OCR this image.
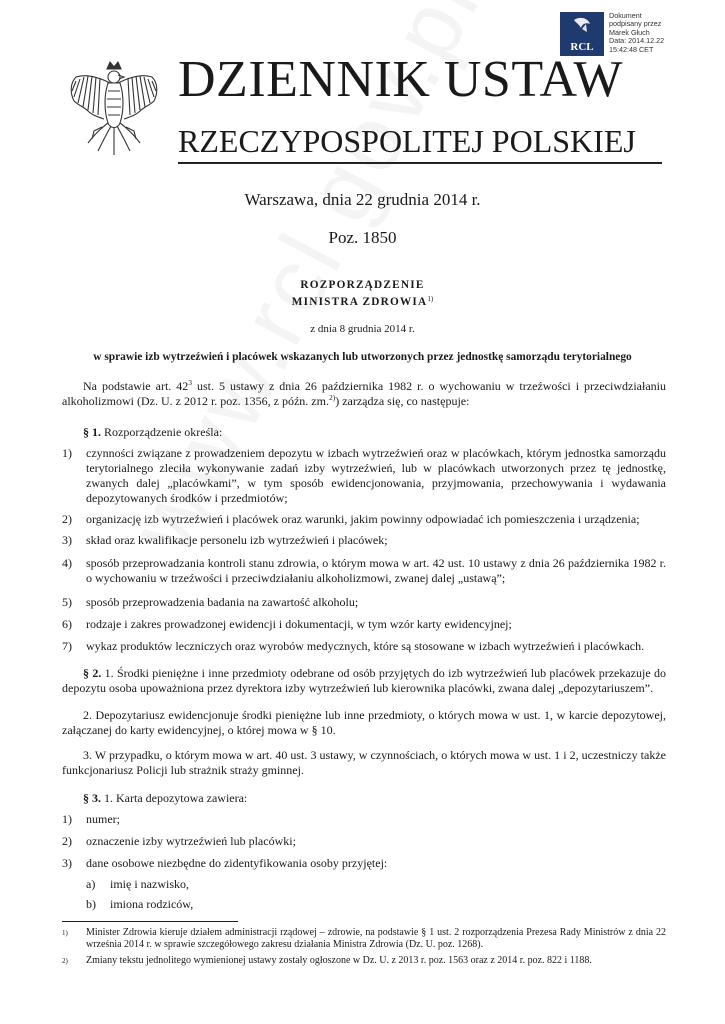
RCL
Dokument
podpisany przez
Marek Głuch
Data: 2014.12.22
15:42:48 CET
DZIENNIK USTAW
RZECZYPOSPOLITEJ POLSKIEJ
Warszawa, dnia 22 grudnia 2014 r.
Poz. 1850
ROZPORZĄDZENIE
MINISTRA ZDROWIA$^{1)}$
z dnia 8 grudnia 2014 r.
w sprawie izb wytrzeźwień i placówek wskazanych lub utworzonych przez jednostkę samorządu terytorialnego
Na podstawie art. $42^3$ ust. 5 ustawy z dnia 26 października 1982 r. o wychowaniu w trzeźwości i przeciwdziałaniu alkoholizmowi (Dz. U. z 2012 r. poz. 1356, z późn. zm.$^{2)}$) zarządza się, co następuje:
§ 1. Rozporządzenie określa:
1) czynności związane z prowadzeniem depozytu w izbach wytrzeźwień oraz w placówkach, którym jednostka samorządu terytorialnego zleciła wykonywanie zadań izby wytrzeźwień, lub w placówkach utworzonych przez tę jednostkę, zwanych dalej „placówkami”, w tym sposób ewidencjonowania, przyjmowania, przechowywania i wydawania depozytowanych środków i przedmiotów;
2) organizację izb wytrzeźwień i placówek oraz warunki, jakim powinny odpowiadać ich pomieszczenia i urządzenia;
3) skład oraz kwalifikacje personelu izb wytrzeźwień i placówek;
4) sposób przeprowadzania kontroli stanu zdrowia, o którym mowa w art. 42 ust. 10 ustawy z dnia 26 października 1982 r. o wychowaniu w trzeźwości i przeciwdziałaniu alkoholizmowi, zwanej dalej „ustawą”;
5) sposób przeprowadzenia badania na zawartość alkoholu;
6) rodzaje i zakres prowadzonej ewidencji i dokumentacji, w tym wzór karty ewidencyjnej;
7) wykaz produktów leczniczych oraz wyrobów medycznych, które są stosowane w izbach wytrzeźwień i placówkach.
§ 2. 1. Środki pieniężne i inne przedmioty odebrane od osób przyjętych do izb wytrzeźwień lub placówek przekazuje do depozytu osoba upoważniona przez dyrektora izby wytrzeźwień lub kierownika placówki, zwana dalej „depozytariuszem”.
2. Depozytariusz ewidencjonuje środki pieniężne lub inne przedmioty, o których mowa w ust. 1, w karcie depozytowej, załączanej do karty ewidencyjnej, o której mowa w § 10.
3. W przypadku, o którym mowa w art. 40 ust. 3 ustawy, w czynnościach, o których mowa w ust. 1 i 2, uczestniczy także funkcjonariusz Policji lub strażnik straży gminnej.
§ 3. 1. Karta depozytowa zawiera:
1) numer;
2) oznaczenie izby wytrzeźwień lub placówki;
3) dane osobowe niezbędne do zidentyfikowania osoby przyjętej:
a) imię i nazwisko,
b) imiona rodziców,
1) Minister Zdrowia kieruje działem administracji rządowej – zdrowie, na podstawie § 1 ust. 2 rozporządzenia Prezesa Rady Ministrów z dnia 22 września 2014 r. w sprawie szczegółowego zakresu działania Ministra Zdrowia (Dz. U. poz. 1268).
2) Zmiany tekstu jednolitego wymienionej ustawy zostały ogłoszone w Dz. U. z 2013 r. poz. 1563 oraz z 2014 r. poz. 822 i 1188.
